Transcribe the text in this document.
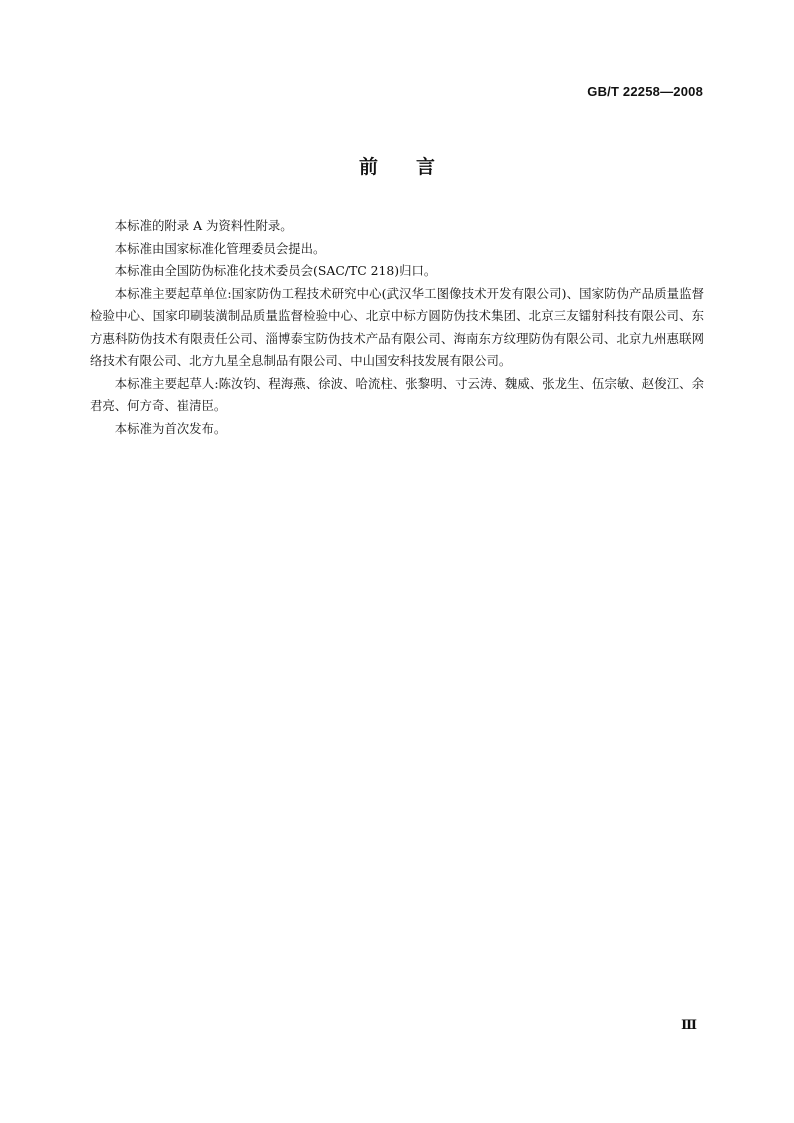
GB/T 22258—2008
前言

本标准的附录 A 为资料性附录。

本标准由国家标准化管理委员会提出。

本标准由全国防伪标准化技术委员会(SAC/TC 218)归口。

本标准主要起草单位:国家防伪工程技术研究中心(武汉华工图像技术开发有限公司)、国家防伪产品质量监督检验中心、国家印刷装潢制品质量监督检验中心、北京中标方圆防伪技术集团、北京三友镭射科技有限公司、东方惠科防伪技术有限责任公司、淄博泰宝防伪技术产品有限公司、海南东方纹理防伪有限公司、北京九州惠联网络技术有限公司、北方九星全息制品有限公司、中山国安科技发展有限公司。

本标准主要起草人:陈汝钧、程海燕、徐波、哈流柱、张黎明、寸云涛、魏威、张龙生、伍宗敏、赵俊江、余君亮、何方奇、崔清臣。

本标准为首次发布。

Ⅲ
